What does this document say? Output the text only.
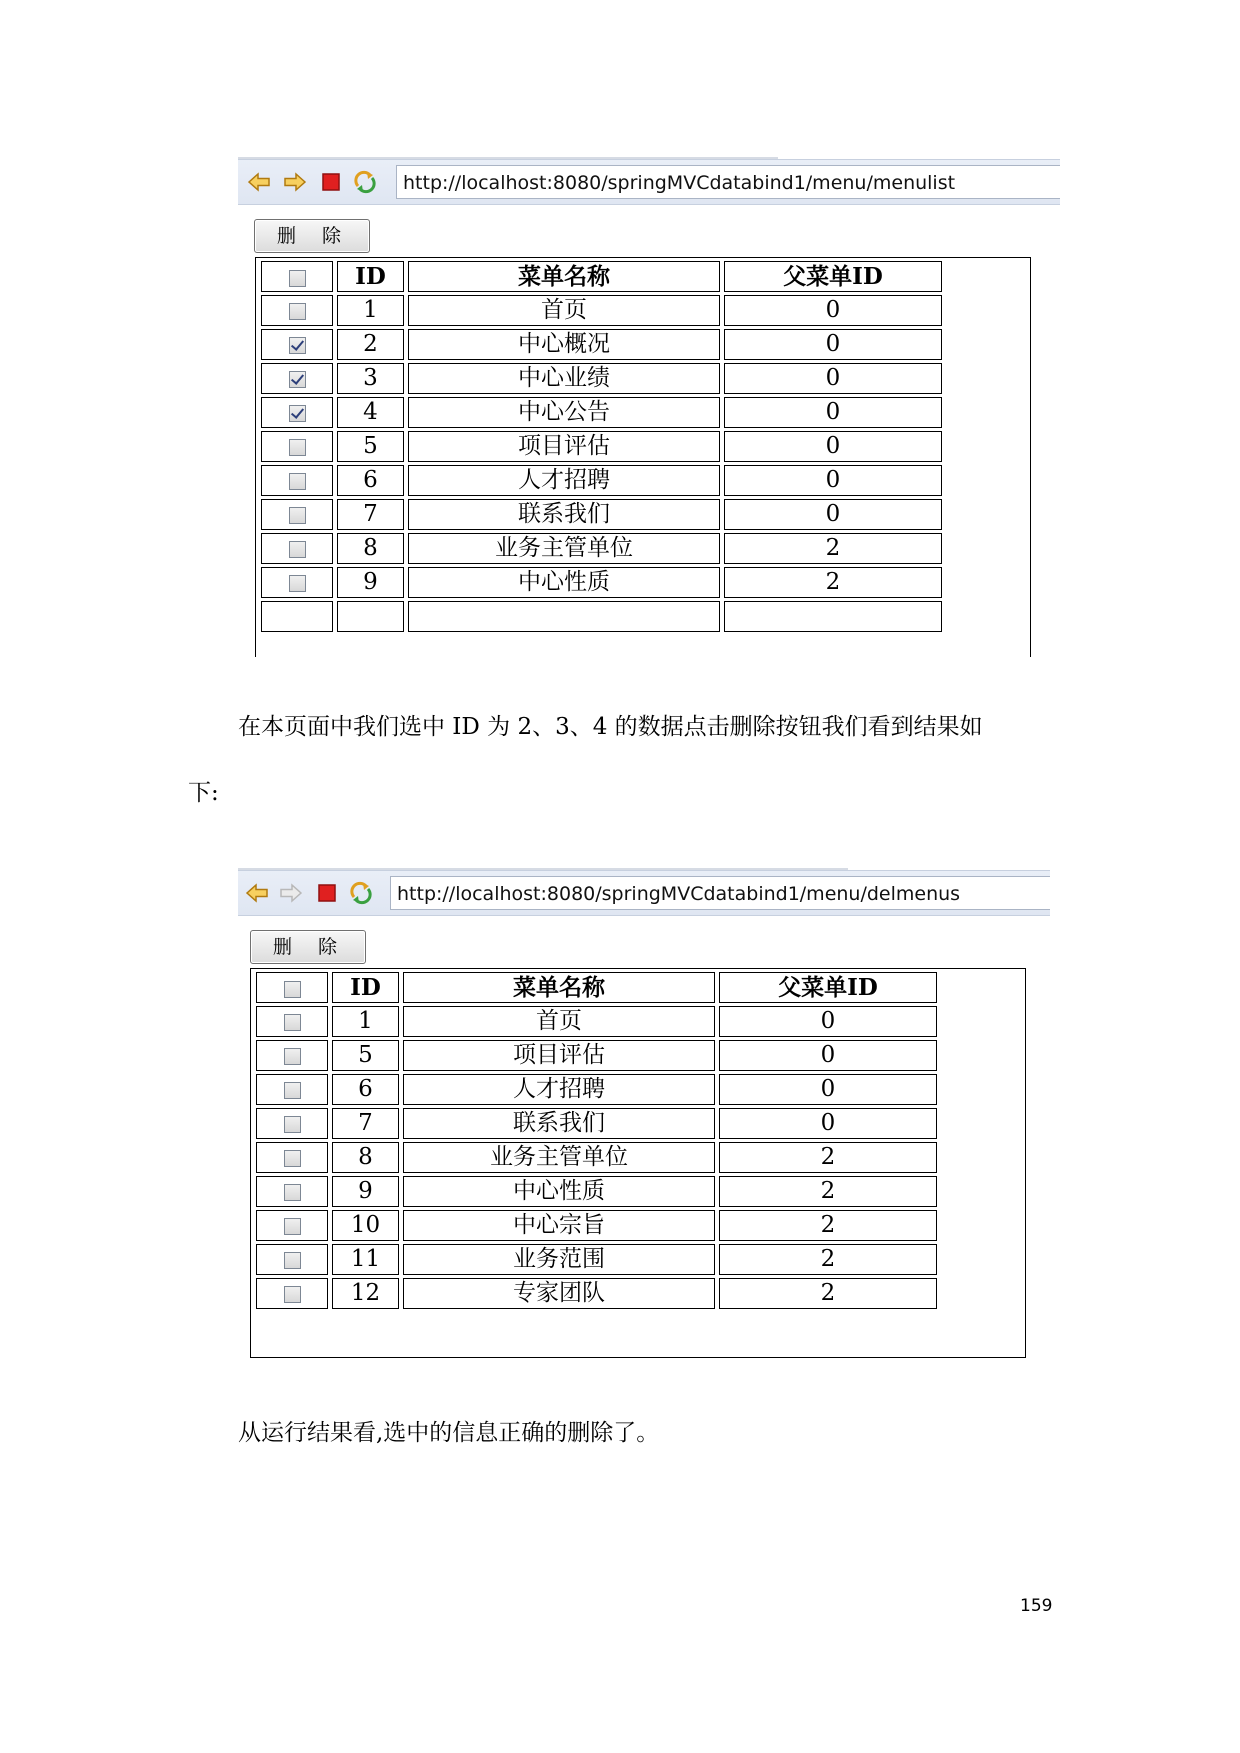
http://localhost:8080/springMVCdatabind1/menu/menulist
删除
	ID	菜单名称	父菜单ID
	1	首页	0
	2	中心概况	0
	3	中心业绩	0
	4	中心公告	0
	5	项目评估	0
	6	人才招聘	0
	7	联系我们	0
	8	业务主管单位	2
	9	中心性质	2

在本页面中我们选中 ID 为 2、3、4 的数据点击删除按钮我们看到结果如
下:
http://localhost:8080/springMVCdatabind1/menu/delmenus
删除
	ID	菜单名称	父菜单ID
	1	首页	0
	5	项目评估	0
	6	人才招聘	0
	7	联系我们	0
	8	业务主管单位	2
	9	中心性质	2
	10	中心宗旨	2
	11	业务范围	2
	12	专家团队	2
从运行结果看,选中的信息正确的删除了。
159
